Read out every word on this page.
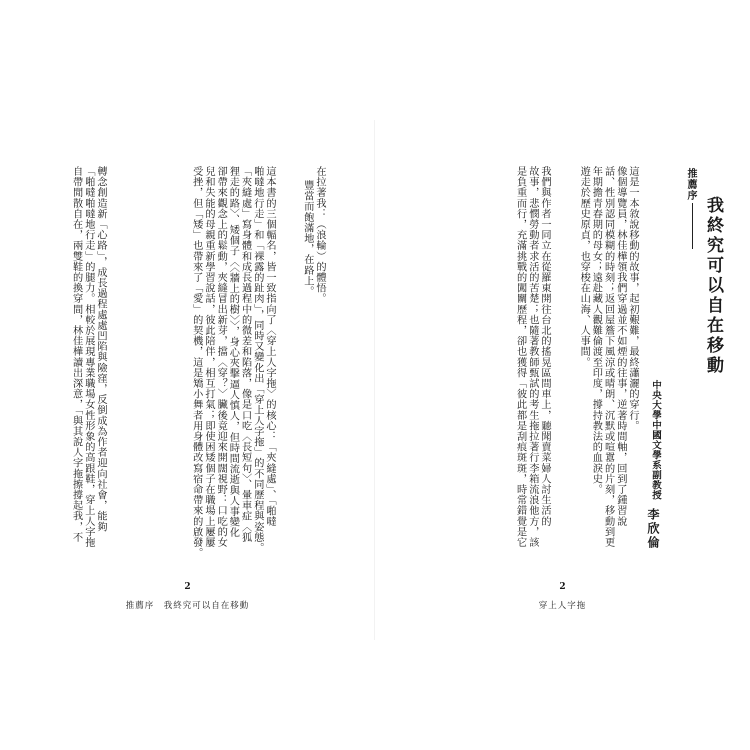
在拉著我：（浪輪）的體悟。
豐當而飽滿地，在路上。
這本書的三個輻名，皆一致指向了〈穿上人字拖〉的核心：「夾縫處」、「啪噠
啪噠地行走」和「裸露的趾肉」，同時又變化出「穿上人字拖」的不同歷程與姿態。
「夾縫處」寫身體和成長過程中的微差和陷落，像是口吃〈長短句〉、暈車症〈狐
狸走的路〉、矮個子〈〈牆上的樹〉〉，身心夾擊逼人慎人，但時間流逝與人事變化
卻帶來觀念上的鬆動，夾縫冒出新芽，擋〈穿？〉臟後竟迎來開闊視野：口吃的女
兒和失能的母親重新學習說話，彼此陪伴，相互打氣；即使困矮個子在職場上屢屢
受挫，但「矮」也帶來了「愛」的契機，這是矯小舞者用身體改寫宿命帶來的啟發。
轉念創造新「心路」，成長過程處處凹陷與險窪，反倒成為作者迎向社會，能夠
「啪噠啪噠地行走」的腿力。相較於展現專業職場女性形象的高跟鞋，穿上人字拖
自帶閒散自在，兩雙鞋的換穿間，林佳樺讀出深意，「與其說人字拖擦撐起我，不
2
推薦序　我終究可以自在移動
推薦序
我終究可以自在移動
中央大學中國文學系副教授
李欣倫
這是一本敘說移動的故事，起初艱難，最終瀟灑的穿行。
像個導覽員，林佳樺領我們穿過並不如煙的往事，逆著時間軸，回到了鍾習說
話、性別認同模糊的時刻；返回屋簷下風涼或晴朗、沉默或喧囂的片刻，移動到更
年期擔青春期的母女；遠赴藏人觀難倫渡至印度，撐持教法的血淚史。
遊走於歷史原貞，也穿梭在山海、人事間。
我們與作者一同立在從羅東開往台北的搖晃區間車上，聽聞賣菜婦人討生活的
故事，悲憫勞動者求活的苦楚；也隨著教師甄試的考生拖拉著行李箱流浪他方，該
是負重而行，充滿挑戰的闖關歷程，卻也獲得「彼此都是刮痕斑斑，時常錯覺是它
2
穿上人字拖
